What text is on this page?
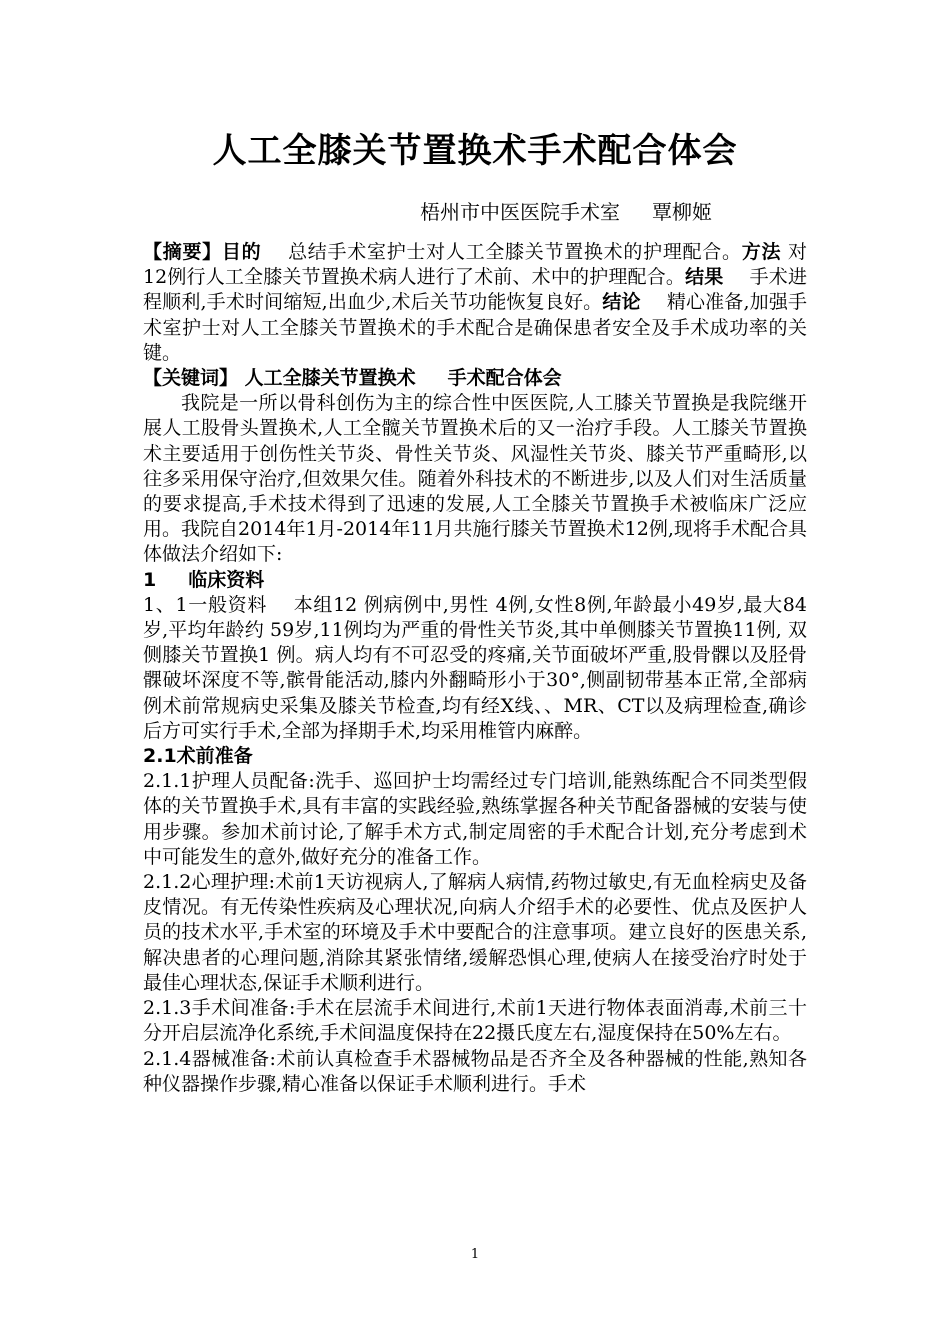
人工全膝关节置换术手术配合体会
梧州市中医医院手术室 覃柳姬

【摘要】目的 总结手术室护士对人工全膝关节置换术的护理配合。方法 对12例行人工全膝关节置换术病人进行了术前、术中的护理配合。结果 手术进程顺利,手术时间缩短,出血少,术后关节功能恢复良好。结论 精心准备,加强手术室护士对人工全膝关节置换术的手术配合是确保患者安全及手术成功率的关键。

【关键词】 人工全膝关节置换术 手术配合体会

我院是一所以骨科创伤为主的综合性中医医院,人工膝关节置换是我院继开展人工股骨头置换术,人工全髋关节置换术后的又一治疗手段。人工膝关节置换术主要适用于创伤性关节炎、骨性关节炎、风湿性关节炎、膝关节严重畸形,以往多采用保守治疗,但效果欠佳。随着外科技术的不断进步,以及人们对生活质量的要求提高,手术技术得到了迅速的发展,人工全膝关节置换手术被临床广泛应用。我院自2014年1月-2014年11月共施行膝关节置换术12例,现将手术配合具体做法介绍如下:

1 临床资料

1、1一般资料 本组12 例病例中,男性 4例,女性8例,年龄最小49岁,最大84岁,平均年龄约 59岁,11例均为严重的骨性关节炎,其中单侧膝关节置换11例, 双侧膝关节置换1 例。病人均有不可忍受的疼痛,关节面破坏严重,股骨髁以及胫骨髁破坏深度不等,髌骨能活动,膝内外翻畸形小于30°,侧副韧带基本正常,全部病例术前常规病史采集及膝关节检查,均有经X线、、MR、CT以及病理检查,确诊后方可实行手术,全部为择期手术,均采用椎管内麻醉。

2.1术前准备

2.1.1护理人员配备:洗手、巡回护士均需经过专门培训,能熟练配合不同类型假体的关节置换手术,具有丰富的实践经验,熟练掌握各种关节配备器械的安装与使用步骤。参加术前讨论,了解手术方式,制定周密的手术配合计划,充分考虑到术中可能发生的意外,做好充分的准备工作。

2.1.2心理护理:术前1天访视病人,了解病人病情,药物过敏史,有无血栓病史及备皮情况。有无传染性疾病及心理状况,向病人介绍手术的必要性、优点及医护人员的技术水平,手术室的环境及手术中要配合的注意事项。建立良好的医患关系,解决患者的心理问题,消除其紧张情绪,缓解恐惧心理,使病人在接受治疗时处于最佳心理状态,保证手术顺利进行。

2.1.3手术间准备:手术在层流手术间进行,术前1天进行物体表面消毒,术前三十分开启层流净化系统,手术间温度保持在22摄氏度左右,湿度保持在50%左右。

2.1.4器械准备:术前认真检查手术器械物品是否齐全及各种器械的性能,熟知各种仪器操作步骤,精心准备以保证手术顺利进行。手术

1
